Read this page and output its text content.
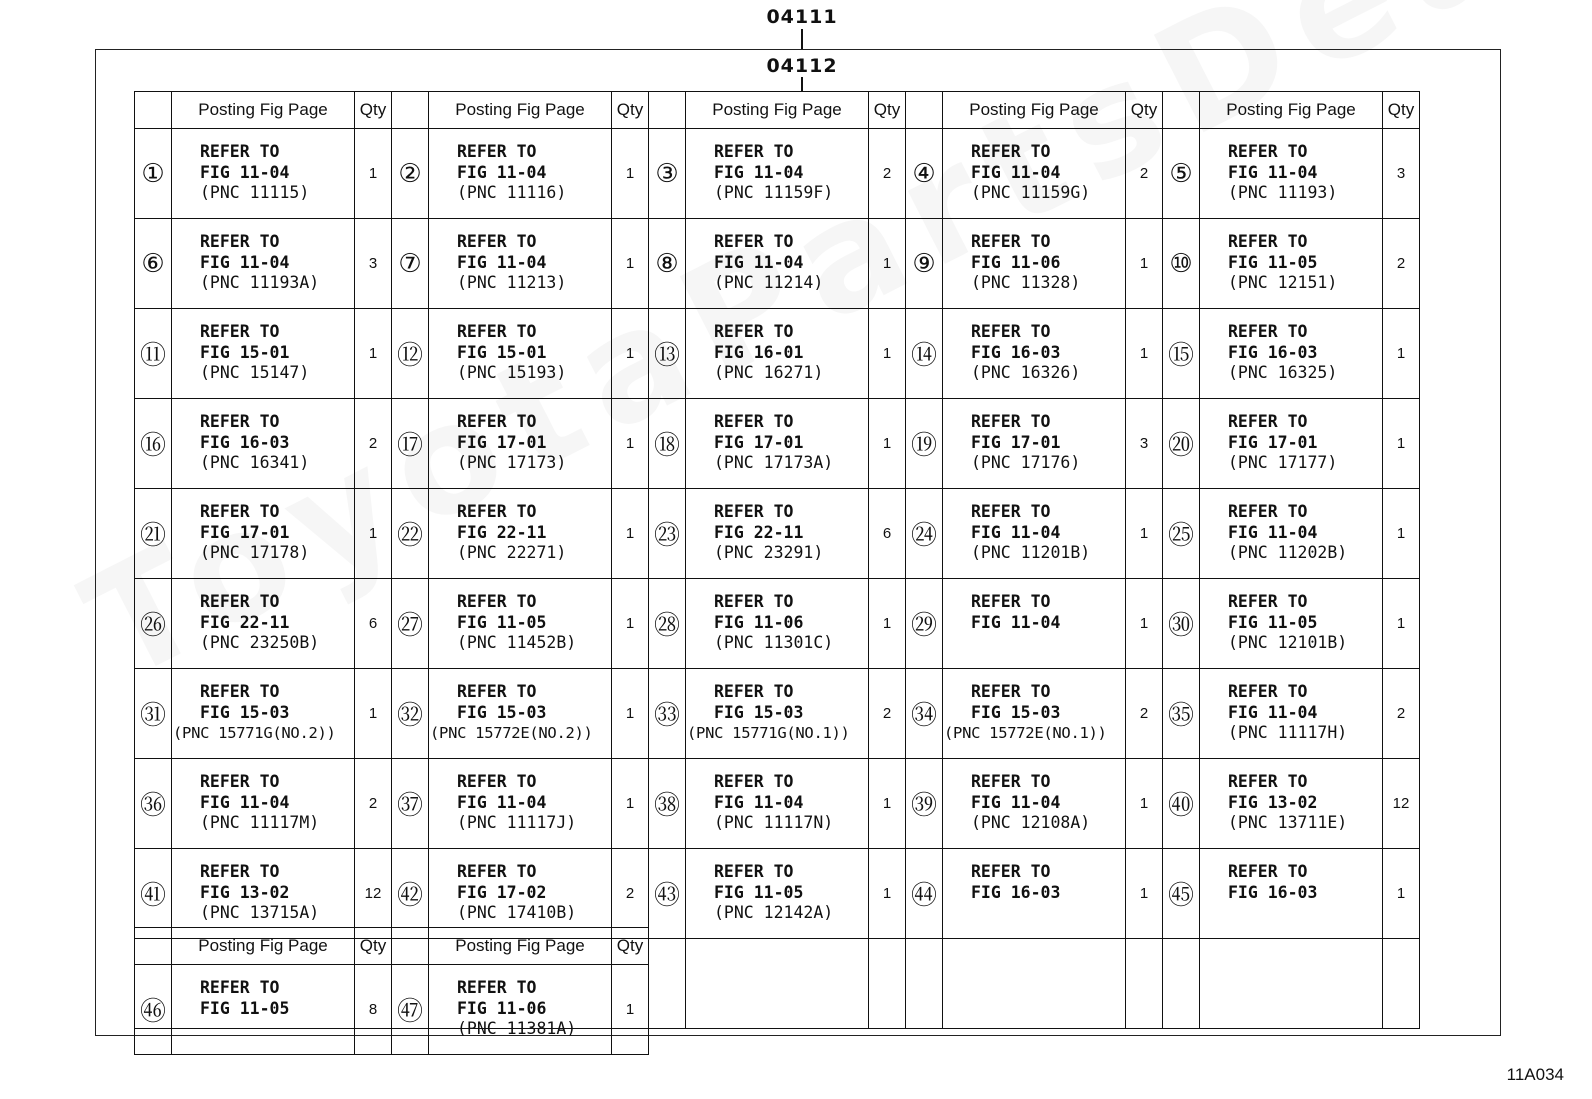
04111
04112
	Posting Fig Page	Qty		Posting Fig Page	Qty		Posting Fig Page	Qty		Posting Fig Page	Qty		Posting Fig Page	Qty
①	REFER TO
FIG 11-04
(PNC 11115)	1	②	REFER TO
FIG 11-04
(PNC 11116)	1	③	REFER TO
FIG 11-04
(PNC 11159F)	2	④	REFER TO
FIG 11-04
(PNC 11159G)	2	⑤	REFER TO
FIG 11-04
(PNC 11193)	3
⑥	REFER TO
FIG 11-04
(PNC 11193A)	3	⑦	REFER TO
FIG 11-04
(PNC 11213)	1	⑧	REFER TO
FIG 11-04
(PNC 11214)	1	⑨	REFER TO
FIG 11-06
(PNC 11328)	1	⑩	REFER TO
FIG 11-05
(PNC 12151)	2
⑪	REFER TO
FIG 15-01
(PNC 15147)	1	⑫	REFER TO
FIG 15-01
(PNC 15193)	1	⑬	REFER TO
FIG 16-01
(PNC 16271)	1	⑭	REFER TO
FIG 16-03
(PNC 16326)	1	⑮	REFER TO
FIG 16-03
(PNC 16325)	1
⑯	REFER TO
FIG 16-03
(PNC 16341)	2	⑰	REFER TO
FIG 17-01
(PNC 17173)	1	⑱	REFER TO
FIG 17-01
(PNC 17173A)	1	⑲	REFER TO
FIG 17-01
(PNC 17176)	3	⑳	REFER TO
FIG 17-01
(PNC 17177)	1
㉑	REFER TO
FIG 17-01
(PNC 17178)	1	㉒	REFER TO
FIG 22-11
(PNC 22271)	1	㉓	REFER TO
FIG 22-11
(PNC 23291)	6	㉔	REFER TO
FIG 11-04
(PNC 11201B)	1	㉕	REFER TO
FIG 11-04
(PNC 11202B)	1
㉖	REFER TO
FIG 22-11
(PNC 23250B)	6	㉗	REFER TO
FIG 11-05
(PNC 11452B)	1	㉘	REFER TO
FIG 11-06
(PNC 11301C)	1	㉙	REFER TO
FIG 11-04	1	㉚	REFER TO
FIG 11-05
(PNC 12101B)	1
㉛	REFER TO
FIG 15-03
(PNC 15771G(NO.2))	1	㉜	REFER TO
FIG 15-03
(PNC 15772E(NO.2))	1	㉝	REFER TO
FIG 15-03
(PNC 15771G(NO.1))	2	㉞	REFER TO
FIG 15-03
(PNC 15772E(NO.1))	2	㉟	REFER TO
FIG 11-04
(PNC 11117H)	2
㊱	REFER TO
FIG 11-04
(PNC 11117M)	2	㊲	REFER TO
FIG 11-04
(PNC 11117J)	1	㊳	REFER TO
FIG 11-04
(PNC 11117N)	1	㊴	REFER TO
FIG 11-04
(PNC 12108A)	1	㊵	REFER TO
FIG 13-02
(PNC 13711E)	12
㊶	REFER TO
FIG 13-02
(PNC 13715A)	12	㊷	REFER TO
FIG 17-02
(PNC 17410B)	2	㊸	REFER TO
FIG 11-05
(PNC 12142A)	1	㊹	REFER TO
FIG 16-03	1	㊺	REFER TO
FIG 16-03	1

	Posting Fig Page	Qty		Posting Fig Page	Qty
㊻	REFER TO
FIG 11-05	8	㊼	REFER TO
FIG 11-06
(PNC 11381A)	1
11A034
